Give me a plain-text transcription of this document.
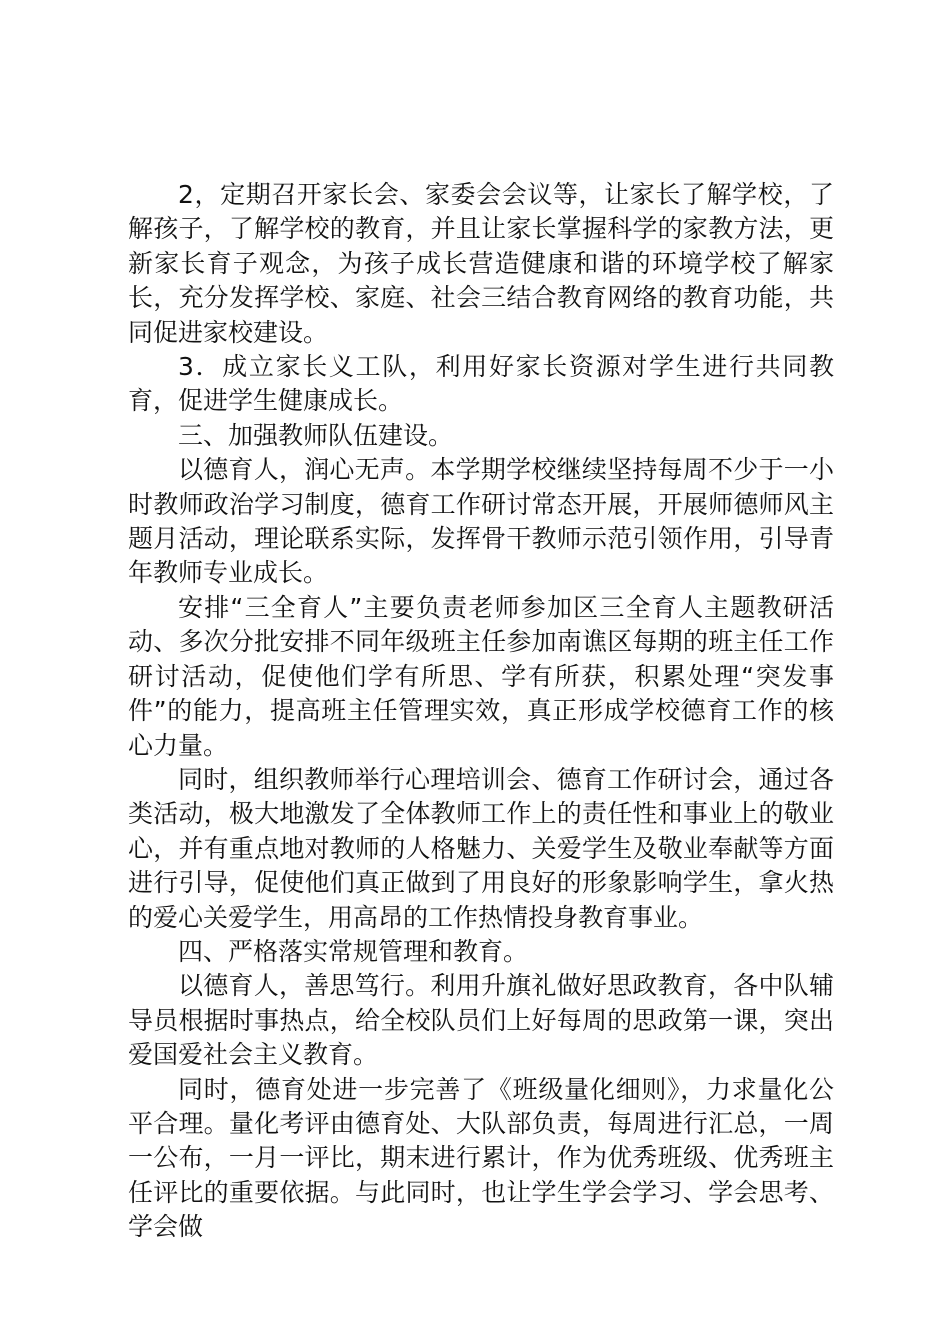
2，定期召开家长会、家委会会议等，让家长了解学校，了解孩子，了解学校的教育，并且让家长掌握科学的家教方法，更新家长育子观念，为孩子成长营造健康和谐的环境学校了解家长，充分发挥学校、家庭、社会三结合教育网络的教育功能，共同促进家校建设。

3．成立家长义工队，利用好家长资源对学生进行共同教育，促进学生健康成长。

三、加强教师队伍建设。

以德育人，润心无声。本学期学校继续坚持每周不少于一小时教师政治学习制度，德育工作研讨常态开展，开展师德师风主题月活动，理论联系实际，发挥骨干教师示范引领作用，引导青年教师专业成长。

安排“三全育人”主要负责老师参加区三全育人主题教研活动、多次分批安排不同年级班主任参加南谯区每期的班主任工作研讨活动，促使他们学有所思、学有所获，积累处理“突发事件”的能力，提高班主任管理实效，真正形成学校德育工作的核心力量。

同时，组织教师举行心理培训会、德育工作研讨会，通过各类活动，极大地激发了全体教师工作上的责任性和事业上的敬业心，并有重点地对教师的人格魅力、关爱学生及敬业奉献等方面进行引导，促使他们真正做到了用良好的形象影响学生，拿火热的爱心关爱学生，用高昂的工作热情投身教育事业。

四、严格落实常规管理和教育。

以德育人，善思笃行。利用升旗礼做好思政教育，各中队辅导员根据时事热点，给全校队员们上好每周的思政第一课，突出爱国爱社会主义教育。

同时，德育处进一步完善了《班级量化细则》，力求量化公平合理。量化考评由德育处、大队部负责，每周进行汇总，一周一公布，一月一评比，期末进行累计，作为优秀班级、优秀班主任评比的重要依据。与此同时，也让学生学会学习、学会思考、学会做
